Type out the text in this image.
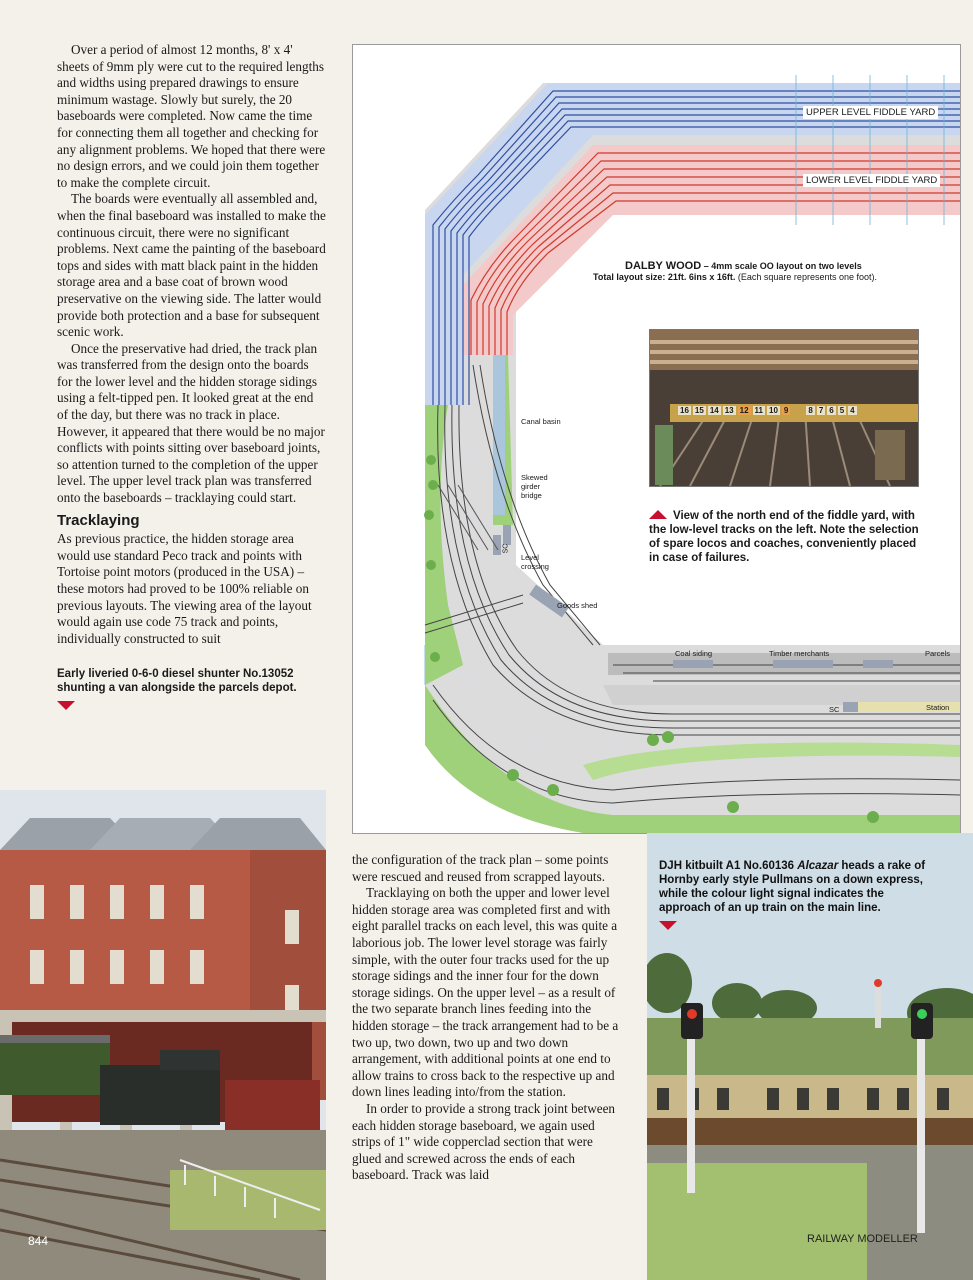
Over a period of almost 12 months, 8' x 4' sheets of 9mm ply were cut to the required lengths and widths using prepared drawings to ensure minimum wastage. Slowly but surely, the 20 baseboards were completed. Now came the time for connecting them all together and checking for any alignment problems. We hoped that there were no design errors, and we could join them together to make the complete circuit.

The boards were eventually all assembled and, when the final baseboard was installed to make the continuous circuit, there were no significant problems. Next came the painting of the baseboard tops and sides with matt black paint in the hidden storage area and a base coat of brown wood preservative on the viewing side. The latter would provide both protection and a base for subsequent scenic work.

Once the preservative had dried, the track plan was transferred from the design onto the boards for the lower level and the hidden storage sidings using a felt-tipped pen. It looked great at the end of the day, but there was no track in place. However, it appeared that there would be no major conflicts with points sitting over baseboard joints, so attention turned to the completion of the upper level. The upper level track plan was transferred onto the baseboards – tracklaying could start.

Tracklaying

As previous practice, the hidden storage area would use standard Peco track and points with Tortoise point motors (produced in the USA) – these motors had proved to be 100% reliable on previous layouts. The viewing area of the layout would again use code 75 track and points, individually constructed to suit

Early liveried 0-6-0 diesel shunter No.13052 shunting a van alongside the parcels depot.
UPPER LEVEL FIDDLE YARD
LOWER LEVEL FIDDLE YARD
DALBY WOOD – 4mm scale OO layout on two levels
Total layout size: 21ft. 6ins x 16ft. (Each square represents one foot).
Canal basin
Skewed girder bridge
Level crossing
Goods shed
Coal siding	Timber merchants	Parcels
Station
SC
SC
16 15 14 13 12 11 10 9	8 7 6 5 4
View of the north end of the fiddle yard, with the low-level tracks on the left. Note the selection of spare locos and coaches, conveniently placed in case of failures.

the configuration of the track plan – some points were rescued and reused from scrapped layouts.

Tracklaying on both the upper and lower level hidden storage area was completed first and with eight parallel tracks on each level, this was quite a laborious job. The lower level storage was fairly simple, with the outer four tracks used for the up storage sidings and the inner four for the down storage sidings. On the upper level – as a result of the two separate branch lines feeding into the hidden storage – the track arrangement had to be a two up, two down, two up and two down arrangement, with additional points at one end to allow trains to cross back to the respective up and down lines leading into/from the station.

In order to provide a strong track joint between each hidden storage baseboard, we again used strips of 1" wide copperclad section that were glued and screwed across the ends of each baseboard. Track was laid

844
DJH kitbuilt A1 No.60136 Alcazar heads a rake of Hornby early style Pullmans on a down express, while the colour light signal indicates the approach of an up train on the main line.
RAILWAY MODELLER
